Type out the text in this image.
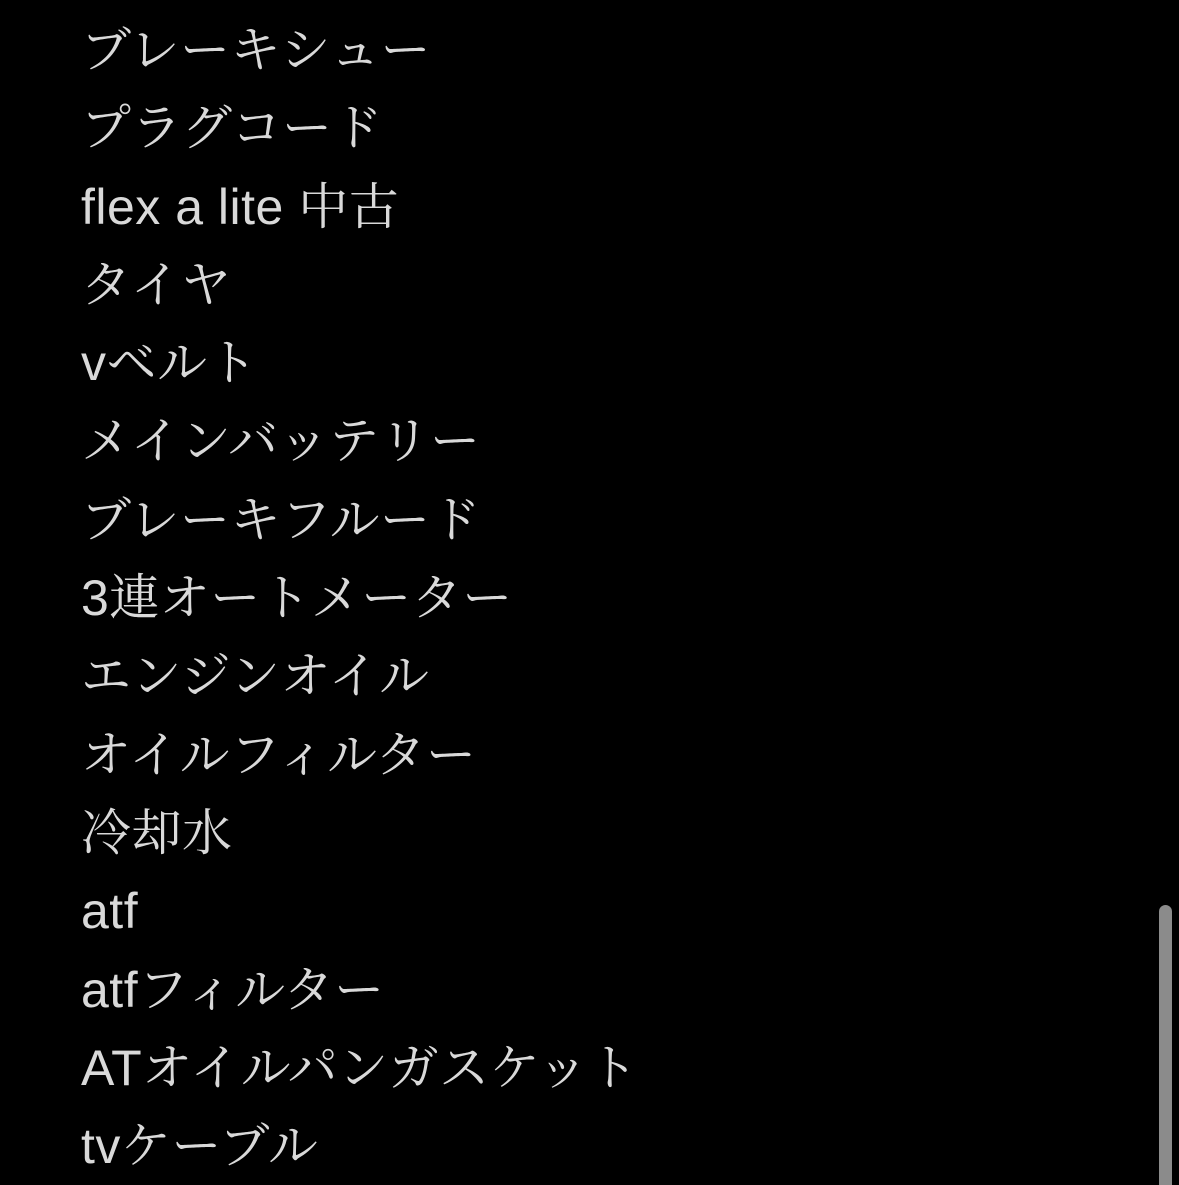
ブレーキシュー
プラグコード
flex a lite 中古
タイヤ
vベルト
メインバッテリー
ブレーキフルード
3連オートメーター
エンジンオイル
オイルフィルター
冷却水
atf
atfフィルター
ATオイルパンガスケット
tvケーブル
